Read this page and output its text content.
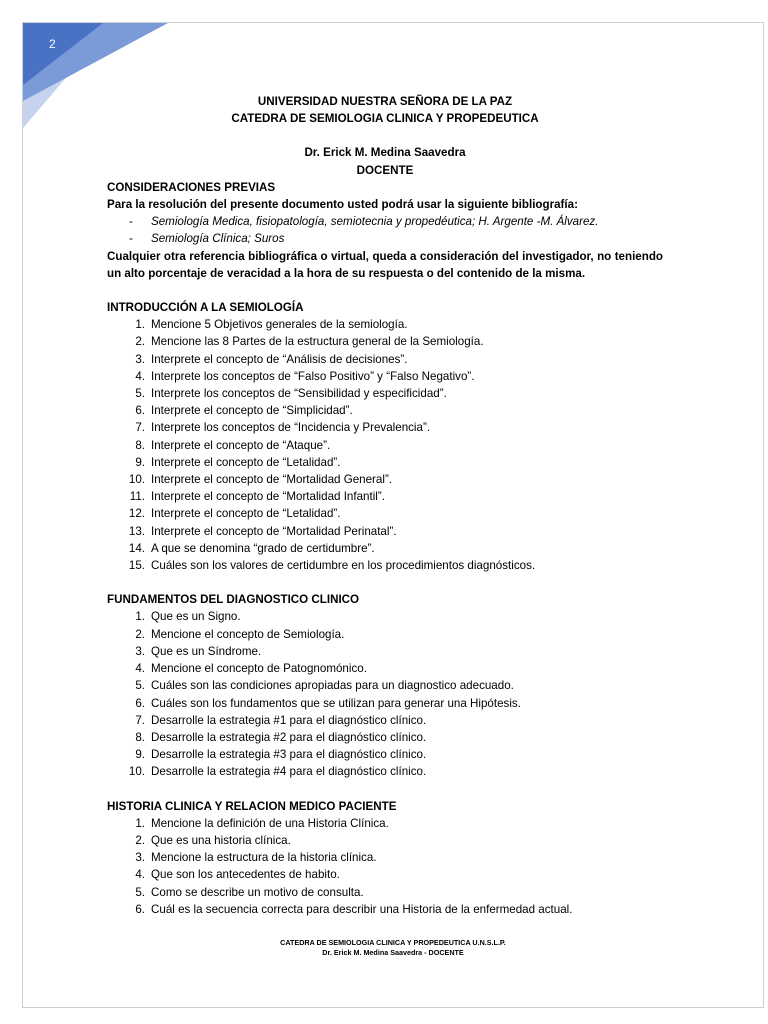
2
UNIVERSIDAD NUESTRA SEÑORA DE LA PAZ
CATEDRA DE SEMIOLOGIA CLINICA Y PROPEDEUTICA
Dr. Erick M. Medina Saavedra
DOCENTE
CONSIDERACIONES PREVIAS
Para la resolución del presente documento usted podrá usar la siguiente bibliografía:
- Semiología Medica, fisiopatología, semiotecnia y propedéutica; H. Argente -M. Álvarez.
- Semiología Clínica; Suros
Cualquier otra referencia bibliográfica o virtual, queda a consideración del investigador, no teniendo un alto porcentaje de veracidad a la hora de su respuesta o del contenido de la misma.
INTRODUCCIÓN A LA SEMIOLOGÍA
1. Mencione 5 Objetivos generales de la semiología.
2. Mencione las 8 Partes de la estructura general de la Semiología.
3. Interprete el concepto de “Análisis de decisiones”.
4. Interprete los conceptos de “Falso Positivo” y “Falso Negativo”.
5. Interprete los conceptos de “Sensibilidad y especificidad”.
6. Interprete el concepto de “Simplicidad”.
7. Interprete los conceptos de “Incidencia y Prevalencia”.
8. Interprete el concepto de “Ataque”.
9. Interprete el concepto de “Letalidad”.
10. Interprete el concepto de “Mortalidad General”.
11. Interprete el concepto de “Mortalidad Infantil”.
12. Interprete el concepto de “Letalidad”.
13. Interprete el concepto de “Mortalidad Perinatal”.
14. A que se denomina “grado de certidumbre”.
15. Cuáles son los valores de certidumbre en los procedimientos diagnósticos.
FUNDAMENTOS DEL DIAGNOSTICO CLINICO
1. Que es un Signo.
2. Mencione el concepto de Semiología.
3. Que es un Síndrome.
4. Mencione el concepto de Patognomónico.
5. Cuáles son las condiciones apropiadas para un diagnostico adecuado.
6. Cuáles son los fundamentos que se utilizan para generar una Hipótesis.
7. Desarrolle la estrategia #1 para el diagnóstico clínico.
8. Desarrolle la estrategia #2 para el diagnóstico clínico.
9. Desarrolle la estrategia #3 para el diagnóstico clínico.
10. Desarrolle la estrategia #4 para el diagnóstico clínico.
HISTORIA CLINICA Y RELACION MEDICO PACIENTE
1. Mencione la definición de una Historia Clínica.
2. Que es una historia clínica.
3. Mencione la estructura de la historia clínica.
4. Que son los antecedentes de habito.
5. Como se describe un motivo de consulta.
6. Cuál es la secuencia correcta para describir una Historia de la enfermedad actual.
CATEDRA DE SEMIOLOGIA CLINICA Y PROPEDEUTICA U.N.S.L.P.
Dr. Erick M. Medina Saavedra - DOCENTE
